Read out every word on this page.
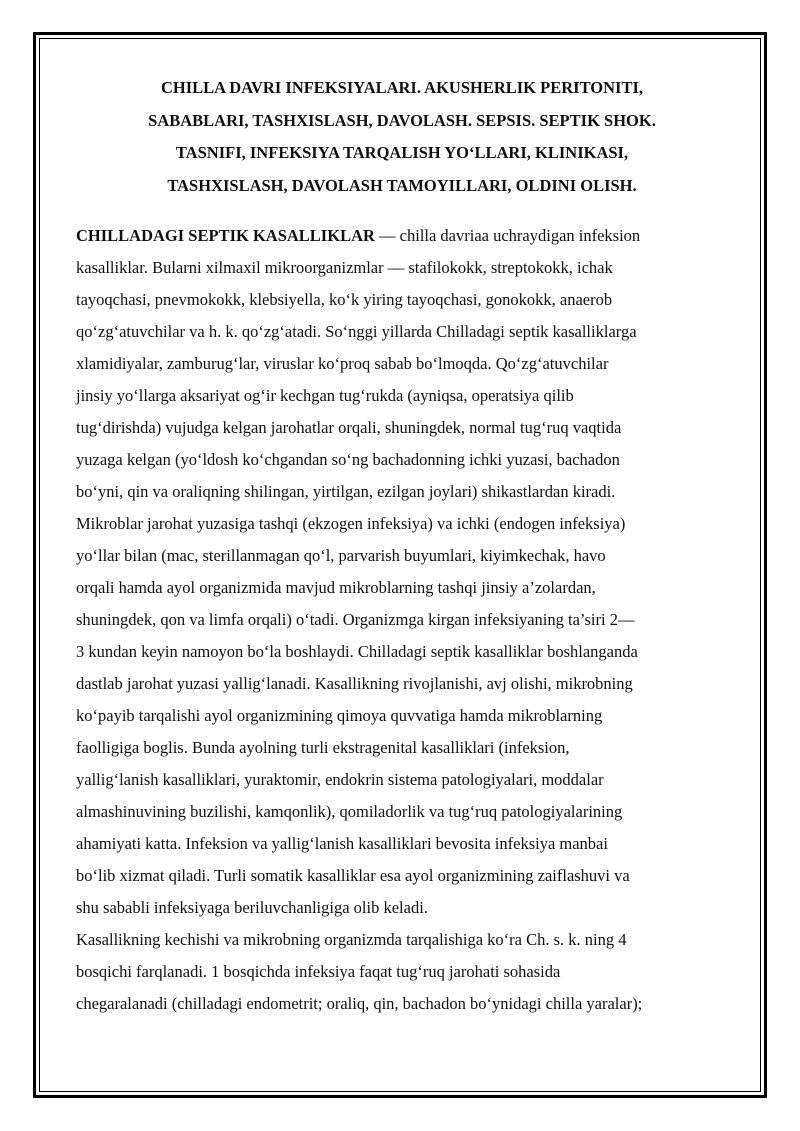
CHILLA DAVRI INFEKSIYALARI. AKUSHERLIK PERITONITI,
SABABLARI, TASHXISLASH, DAVOLASH. SEPSIS. SEPTIK SHOK.
TASNIFI, INFEKSIYA TARQALISH YO‘LLARI, KLINIKASI,
TASHXISLASH, DAVOLASH TAMOYILLARI, OLDINI OLISH.
CHILLADAGI SEPTIK KASALLIKLAR — chilla davriaa uchraydigan infeksion
kasalliklar. Bularni xilmaxil mikroorganizmlar — stafilokokk, streptokokk, ichak
tayoqchasi, pnevmokokk, klebsiyella, ko‘k yiring tayoqchasi, gonokokk, anaerob
qo‘zg‘atuvchilar va h. k. qo‘zg‘atadi. So‘nggi yillarda Chilladagi septik kasalliklarga
xlamidiyalar, zamburug‘lar, viruslar ko‘proq sabab bo‘lmoqda. Qo‘zg‘atuvchilar
jinsiy yo‘llarga aksariyat og‘ir kechgan tug‘rukda (ayniqsa, operatsiya qilib
tug‘dirishda) vujudga kelgan jarohatlar orqali, shuningdek, normal tug‘ruq vaqtida
yuzaga kelgan (yo‘ldosh ko‘chgandan so‘ng bachadonning ichki yuzasi, bachadon
bo‘yni, qin va oraliqning shilingan, yirtilgan, ezilgan joylari) shikastlardan kiradi.
Mikroblar jarohat yuzasiga tashqi (ekzogen infeksiya) va ichki (endogen infeksiya)
yo‘llar bilan (mac, sterillanmagan qo‘l, parvarish buyumlari, kiyimkechak, havo
orqali hamda ayol organizmida mavjud mikroblarning tashqi jinsiy a’zolardan,
shuningdek, qon va limfa orqali) o‘tadi. Organizmga kirgan infeksiyaning ta’siri 2—
3 kundan keyin namoyon bo‘la boshlaydi. Chilladagi septik kasalliklar boshlanganda
dastlab jarohat yuzasi yallig‘lanadi. Kasallikning rivojlanishi, avj olishi, mikrobning
ko‘payib tarqalishi ayol organizmining qimoya quvvatiga hamda mikroblarning
faolligiga boglis. Bunda ayolning turli ekstragenital kasalliklari (infeksion,
yallig‘lanish kasalliklari, yuraktomir, endokrin sistema patologiyalari, moddalar
almashinuvining buzilishi, kamqonlik), qomiladorlik va tug‘ruq patologiyalarining
ahamiyati katta. Infeksion va yallig‘lanish kasalliklari bevosita infeksiya manbai
bo‘lib xizmat qiladi. Turli somatik kasalliklar esa ayol organizmining zaiflashuvi va
shu sababli infeksiyaga beriluvchanligiga olib keladi.
Kasallikning kechishi va mikrobning organizmda tarqalishiga ko‘ra Ch. s. k. ning 4
bosqichi farqlanadi. 1 bosqichda infeksiya faqat tug‘ruq jarohati sohasida
chegaralanadi (chilladagi endometrit; oraliq, qin, bachadon bo‘ynidagi chilla yaralar);
